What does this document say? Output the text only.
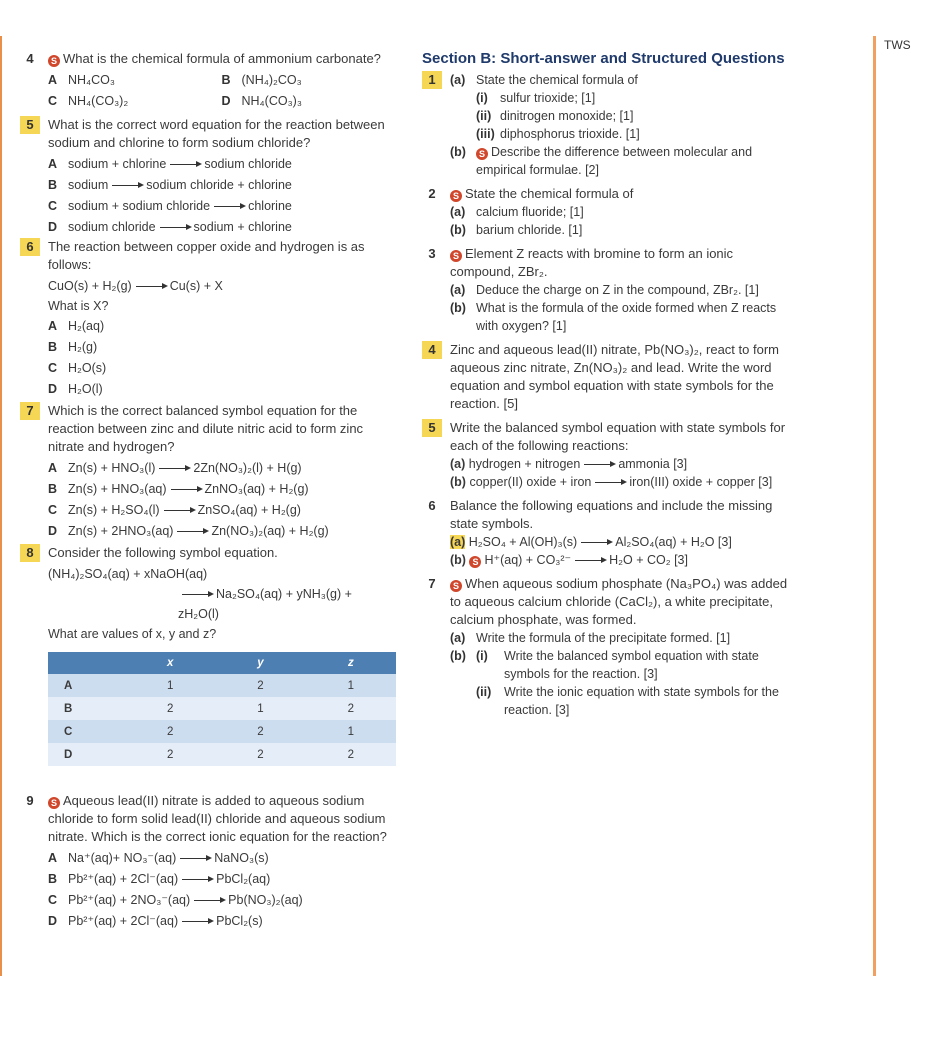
TWS
4	S What is the chemical formula of ammonium carbonate?
A NH₄CO₃	B (NH₄)₂CO₃
C NH₄(CO₃)₂	D NH₄(CO₃)₃
5	What is the correct word equation for the reaction between sodium and chlorine to form sodium chloride?
A sodium + chlorine	sodium chloride
B sodium	sodium chloride + chlorine
C sodium + sodium chloride	chlorine
D sodium chloride	sodium + chlorine
6	The reaction between copper oxide and hydrogen is as follows:
CuO(s) + H₂(g)	Cu(s) + X
What is X?
A H₂(aq)
B H₂(g)
C H₂O(s)
D H₂O(l)
7	Which is the correct balanced symbol equation for the reaction between zinc and dilute nitric acid to form zinc nitrate and hydrogen?
A Zn(s) + HNO₃(l)	2Zn(NO₃)₂(l) + H(g)
B Zn(s) + HNO₃(aq)	ZnNO₃(aq) + H₂(g)
C Zn(s) + H₂SO₄(l)	ZnSO₄(aq) + H₂(g)
D Zn(s) + 2HNO₃(aq)	Zn(NO₃)₂(aq) + H₂(g)
8	Consider the following symbol equation.
(NH₄)₂SO₄(aq) + xNaOH(aq)
Na₂SO₄(aq) + yNH₃(g) + zH₂O(l)
What are values of x, y and z?
	x	y	z
A	1	2	1
B	2	1	2
C	2	2	1
D	2	2	2
9	S Aqueous lead(II) nitrate is added to aqueous sodium chloride to form solid lead(II) chloride and aqueous sodium nitrate. Which is the correct ionic equation for the reaction?
A Na⁺(aq)+ NO₃⁻(aq)	NaNO₃(s)
B Pb²⁺(aq) + 2Cl⁻(aq)	PbCl₂(aq)
C Pb²⁺(aq) + 2NO₃⁻(aq)	Pb(NO₃)₂(aq)
D Pb²⁺(aq) + 2Cl⁻(aq)	PbCl₂(s)
Section B: Short-answer and Structured Questions
1	(a) State the chemical formula of
(i) sulfur trioxide; [1]
(ii) dinitrogen monoxide; [1]
(iii) diphosphorus trioxide. [1]
(b) S Describe the difference between molecular and empirical formulae. [2]
2	S State the chemical formula of
(a) calcium fluoride; [1]
(b) barium chloride. [1]
3	S Element Z reacts with bromine to form an ionic compound, ZBr₂.
(a) Deduce the charge on Z in the compound, ZBr₂. [1]
(b) What is the formula of the oxide formed when Z reacts with oxygen? [1]
4	Zinc and aqueous lead(II) nitrate, Pb(NO₃)₂, react to form aqueous zinc nitrate, Zn(NO₃)₂ and lead. Write the word equation and symbol equation with state symbols for the reaction. [5]
5	Write the balanced symbol equation with state symbols for each of the following reactions:
(a) hydrogen + nitrogen	ammonia [3]
(b) copper(II) oxide + iron	iron(III) oxide + copper [3]
6	Balance the following equations and include the missing state symbols.
(a) H₂SO₄ + Al(OH)₃(s)	Al₂SO₄(aq) + H₂O [3]
(b) S H⁺(aq) + CO₃²⁻	H₂O + CO₂ [3]
7	S When aqueous sodium phosphate (Na₃PO₄) was added to aqueous calcium chloride (CaCl₂), a white precipitate, calcium phosphate, was formed.
(a) Write the formula of the precipitate formed. [1]
(b) (i) Write the balanced symbol equation with state symbols for the reaction. [3]
(ii) Write the ionic equation with state symbols for the reaction. [3]
